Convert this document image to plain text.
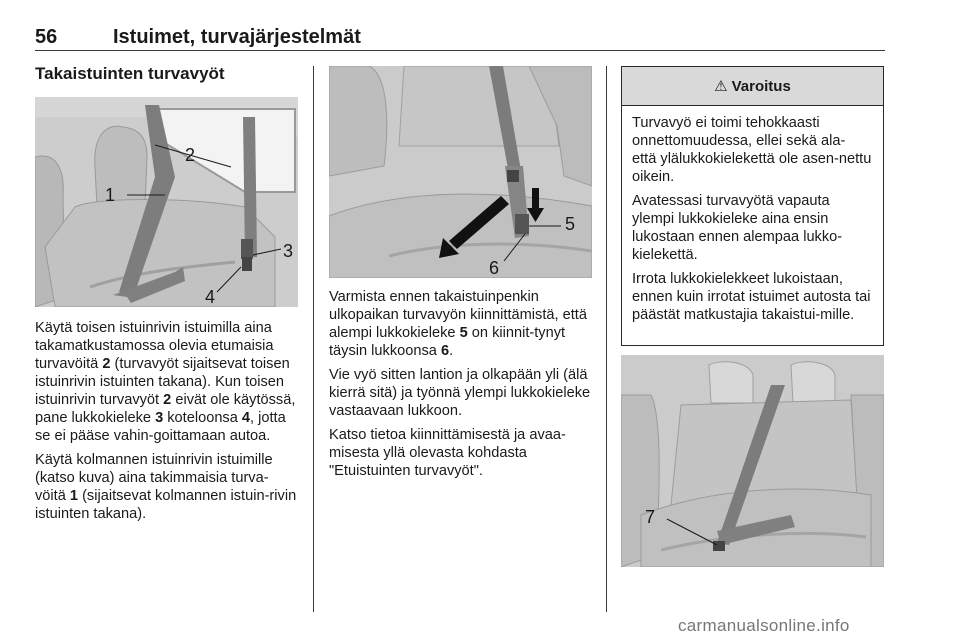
56	Istuimet, turvajärjestelmät
Takaistuinten turvavyöt
2
1
3
4

Käytä toisen istuinrivin istuimilla aina takamatkustamossa olevia etumaisia turvavöitä 2 (turvavyöt sijaitsevat toisen istuinrivin istuinten takana). Kun toisen istuinrivin turvavyöt 2 eivät ole käytössä, pane lukkokieleke 3 koteloonsa 4, jotta se ei pääse vahin-goittamaan autoa.

Käytä kolmannen istuinrivin istuimille (katso kuva) aina takimmaisia turva-vöitä 1 (sijaitsevat kolmannen istuin-rivin istuinten takana).

5
6

Varmista ennen takaistuinpenkin ulkopaikan turvavyön kiinnittämistä, että alempi lukkokieleke 5 on kiinnit-tynyt täysin lukkoonsa 6.

Vie vyö sitten lantion ja olkapään yli (älä kierrä sitä) ja työnnä ylempi lukkokieleke vastaavaan lukkoon.

Katso tietoa kiinnittämisestä ja avaa-misesta yllä olevasta kohdasta "Etuistuinten turvavyöt".

⚠ Varoitus

Turvavyö ei toimi tehokkaasti onnettomuudessa, ellei sekä ala- että ylälukkokielekettä ole asen-nettu oikein.

Avatessasi turvavyötä vapauta ylempi lukkokieleke aina ensin lukostaan ennen alempaa lukko-kielekettä.

Irrota lukkokielekkeet lukoistaan, ennen kuin irrotat istuimet autosta tai päästät matkustajia takaistui-mille.

7
carmanualsonline.info
